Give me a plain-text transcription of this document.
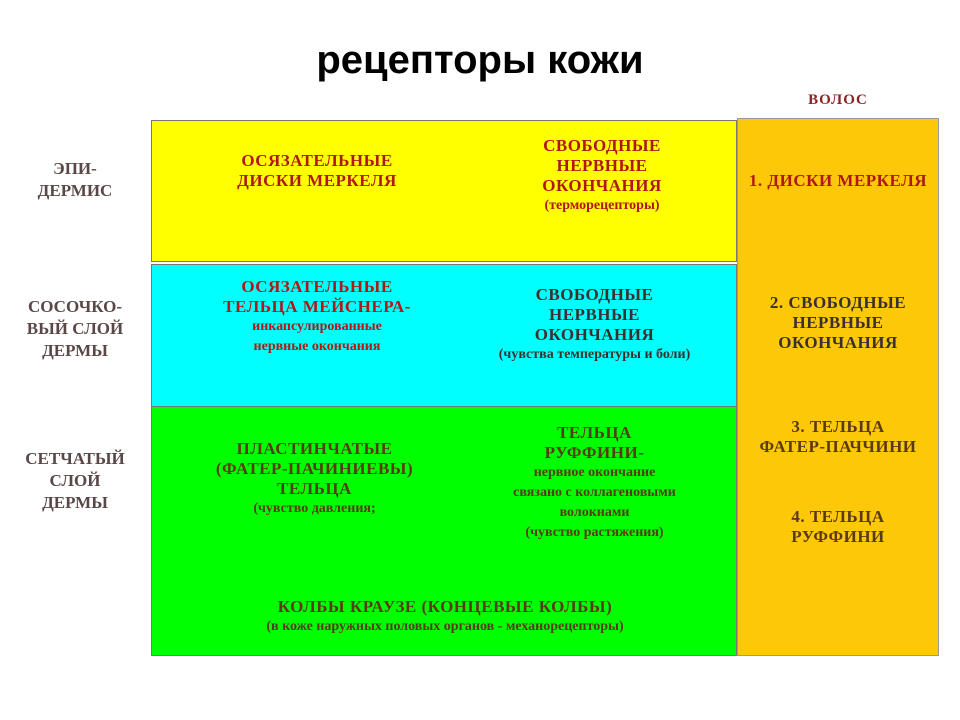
рецепторы кожи
ВОЛОС
ЭПИ-
ДЕРМИС
СОСОЧКО-
ВЫЙ СЛОЙ
ДЕРМЫ
СЕТЧАТЫЙ
СЛОЙ
ДЕРМЫ
ОСЯЗАТЕЛЬНЫЕ
ДИСКИ МЕРКЕЛЯ
СВОБОДНЫЕ
НЕРВНЫЕ
ОКОНЧАНИЯ
(терморецепторы)
ОСЯЗАТЕЛЬНЫЕ
ТЕЛЬЦА МЕЙСНЕРА-
инкапсулированные
нервные окончания
СВОБОДНЫЕ
НЕРВНЫЕ
ОКОНЧАНИЯ
(чувства температуры и боли)
ПЛАСТИНЧАТЫЕ
(ФАТЕР-ПАЧИНИЕВЫ)
ТЕЛЬЦА
(чувство давления;
ТЕЛЬЦА
РУФФИНИ-
нервное окончание
связано с коллагеновыми
волокнами
(чувство растяжения)
КОЛБЫ КРАУЗЕ (КОНЦЕВЫЕ КОЛБЫ)
(в коже наружных половых органов - механорецепторы)
1. ДИСКИ МЕРКЕЛЯ
2. СВОБОДНЫЕ НЕРВНЫЕ ОКОНЧАНИЯ
3. ТЕЛЬЦА ФАТЕР-ПАЧЧИНИ
4. ТЕЛЬЦА РУФФИНИ
